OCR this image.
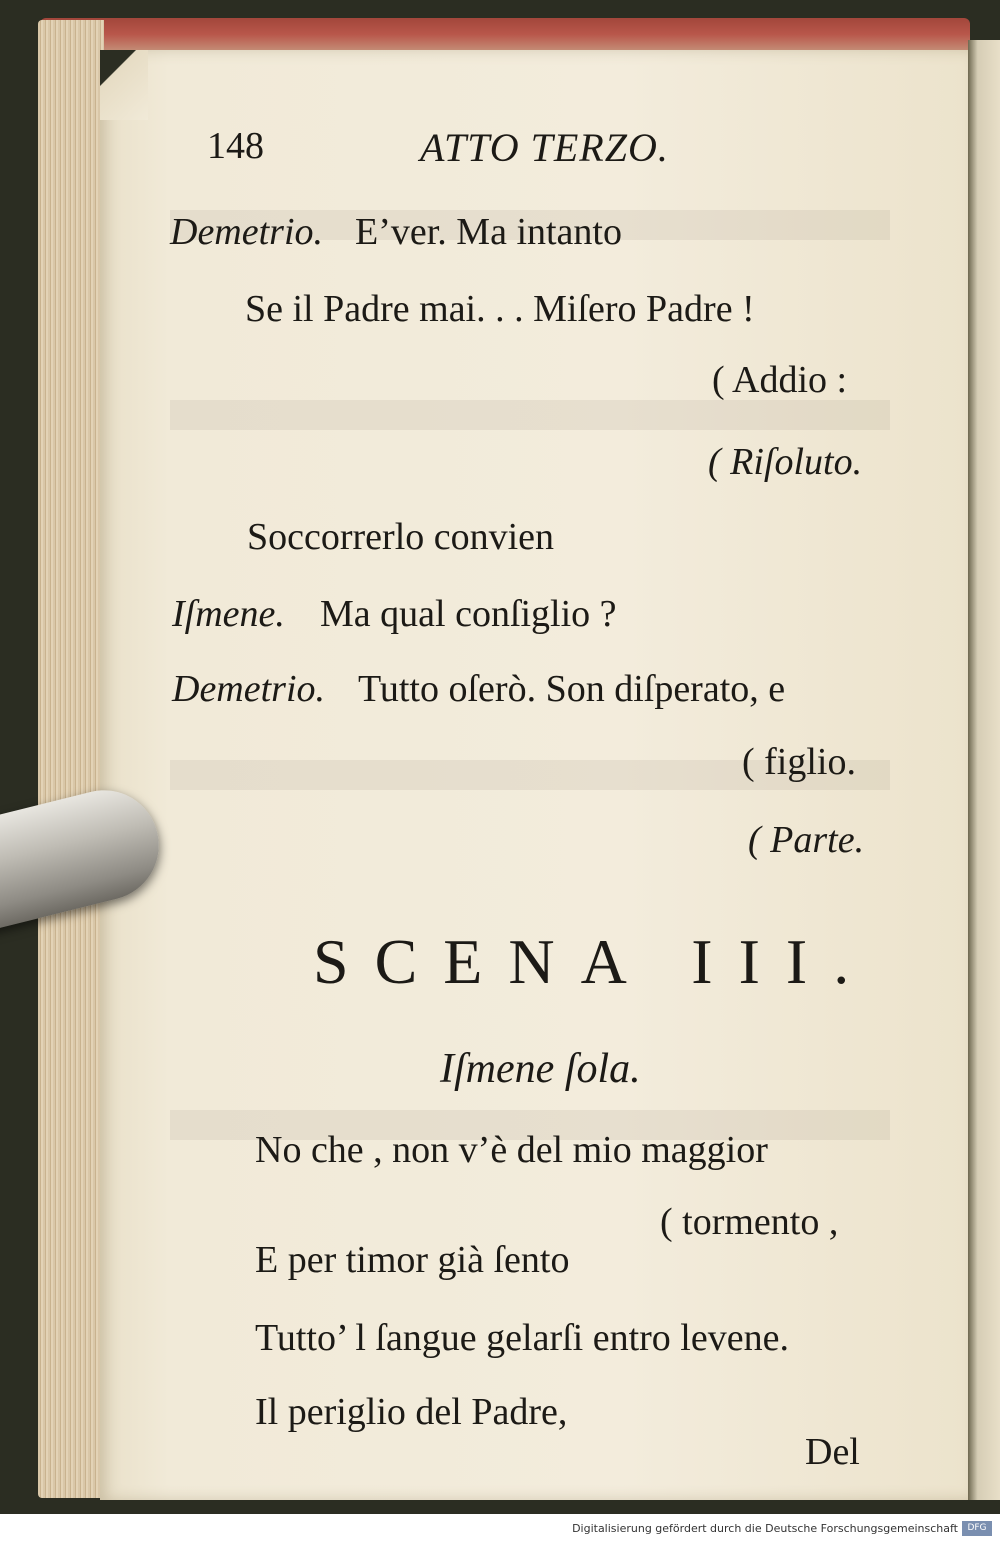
148	ATTO TERZO.
Demetrio. E’ver. Ma intanto
Se il Padre mai. . . Miſero Padre !
( Addio :
( Riſoluto.
Soccorrerlo convien
Iſmene. Ma qual conſiglio ?
Demetrio. Tutto oſerò. Son diſperato, e
( figlio.
( Parte.
SCENA III.
Iſmene ſola.
No che , non v’è del mio maggior
( tormento ,
E per timor già ſento
Tutto’ l ſangue gelarſi entro levene.
Il periglio del Padre,
Del
Digitalisierung gefördert durch die Deutsche Forschungsgemeinschaft	DFG
